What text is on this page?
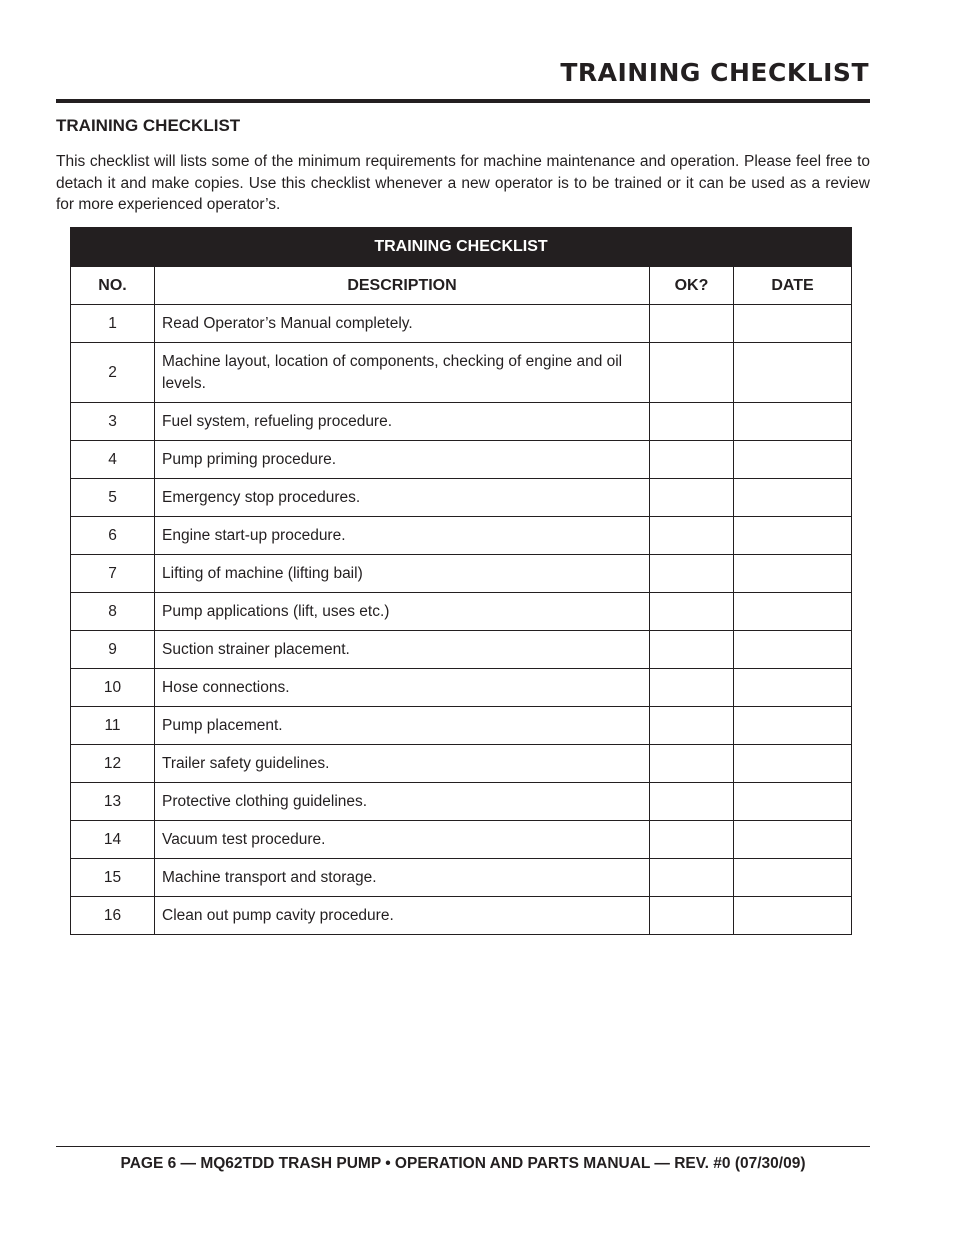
TRAINING CHECKLIST
TRAINING CHECKLIST

This checklist will lists some of the minimum requirements for machine maintenance and operation. Please feel free to detach it and make copies. Use this checklist whenever a new operator is to be trained or it can be used as a review for more experienced operator’s.

TRAINING CHECKLIST			
NO.	DESCRIPTION	OK?	DATE
1	Read Operator’s Manual completely.		
2	Machine layout, location of components, checking of engine and oil levels.		
3	Fuel system, refueling procedure.		
4	Pump priming procedure.		
5	Emergency stop procedures.		
6	Engine start-up procedure.		
7	Lifting of machine (lifting bail)		
8	Pump applications (lift, uses etc.)		
9	Suction strainer placement.		
10	Hose connections.		
11	Pump placement.		
12	Trailer safety guidelines.		
13	Protective clothing guidelines.		
14	Vacuum test procedure.		
15	Machine transport and storage.		
16	Clean out pump cavity procedure.		

PAGE 6 — MQ62TDD TRASH PUMP • OPERATION AND PARTS MANUAL — REV. #0 (07/30/09)
